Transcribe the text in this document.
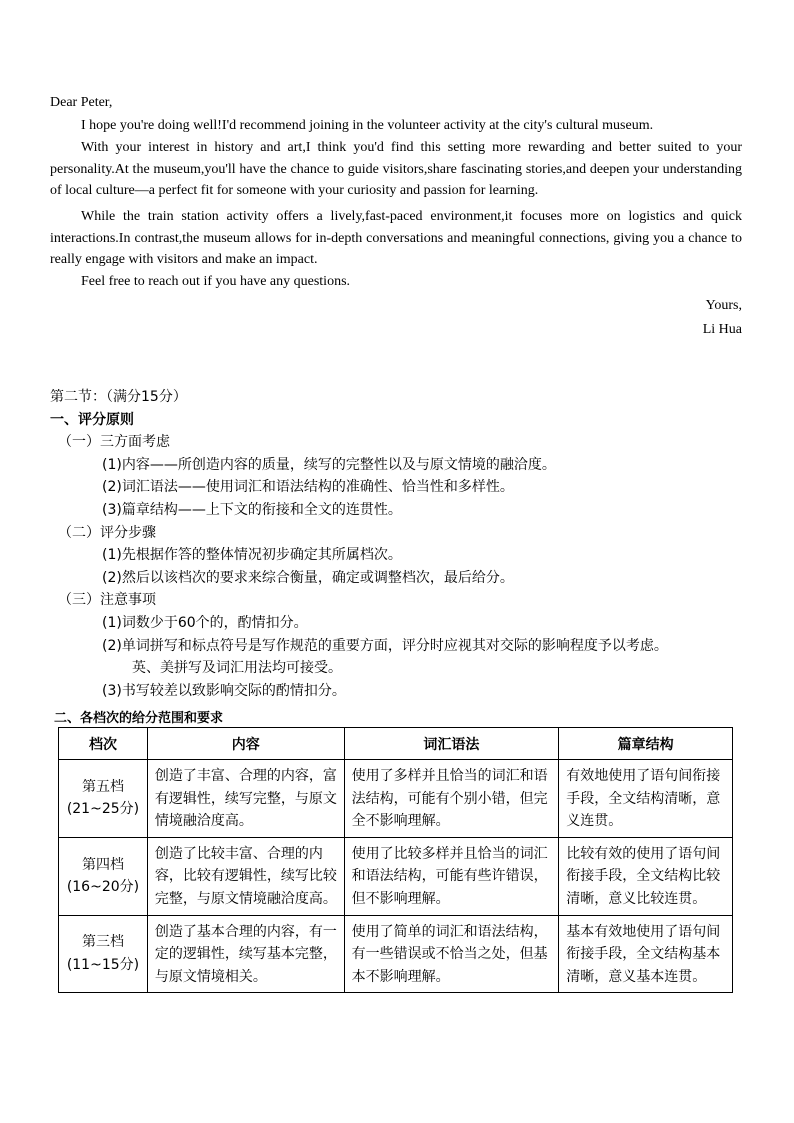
Dear Peter,

I hope you're doing well!I'd recommend joining in the volunteer activity at the city's cultural museum.

With your interest in history and art,I think you'd find this setting more rewarding and better suited to your personality.At the museum,you'll have the chance to guide visitors,share fascinating stories,and deepen your understanding of local culture—a perfect fit for someone with your curiosity and passion for learning.

While the train station activity offers a lively,fast-paced environment,it focuses more on logistics and quick interactions.In contrast,the museum allows for in-depth conversations and meaningful connections, giving you a chance to really engage with visitors and make an impact.

Feel free to reach out if you have any questions.

Yours,

Li Hua

第二节：（满分15分）
一、评分原则
（一）三方面考虑
(1)内容——所创造内容的质量，续写的完整性以及与原文情境的融洽度。
(2)词汇语法——使用词汇和语法结构的准确性、恰当性和多样性。
(3)篇章结构——上下文的衔接和全文的连贯性。
（二）评分步骤
(1)先根据作答的整体情况初步确定其所属档次。
(2)然后以该档次的要求来综合衡量，确定或调整档次，最后给分。
（三）注意事项
(1)词数少于60个的，酌情扣分。
(2)单词拼写和标点符号是写作规范的重要方面，评分时应视其对交际的影响程度予以考虑。
英、美拼写及词汇用法均可接受。
(3)书写较差以致影响交际的酌情扣分。
二、各档次的给分范围和要求
档次	内容	词汇语法	篇章结构

第五档
(21~25分)	创造了丰富、合理的内容，富有逻辑性，续写完整，与原文情境融洽度高。	使用了多样并且恰当的词汇和语法结构，可能有个别小错，但完全不影响理解。	有效地使用了语句间衔接手段，全文结构清晰，意义连贯。

第四档
(16~20分)	创造了比较丰富、合理的内容，比较有逻辑性，续写比较完整，与原文情境融洽度高。	使用了比较多样并且恰当的词汇和语法结构，可能有些许错误，但不影响理解。	比较有效的使用了语句间衔接手段，全文结构比较清晰，意义比较连贯。

第三档
(11~15分)	创造了基本合理的内容，有一定的逻辑性，续写基本完整，与原文情境相关。	使用了简单的词汇和语法结构，有一些错误或不恰当之处，但基本不影响理解。	基本有效地使用了语句间衔接手段，全文结构基本清晰，意义基本连贯。
